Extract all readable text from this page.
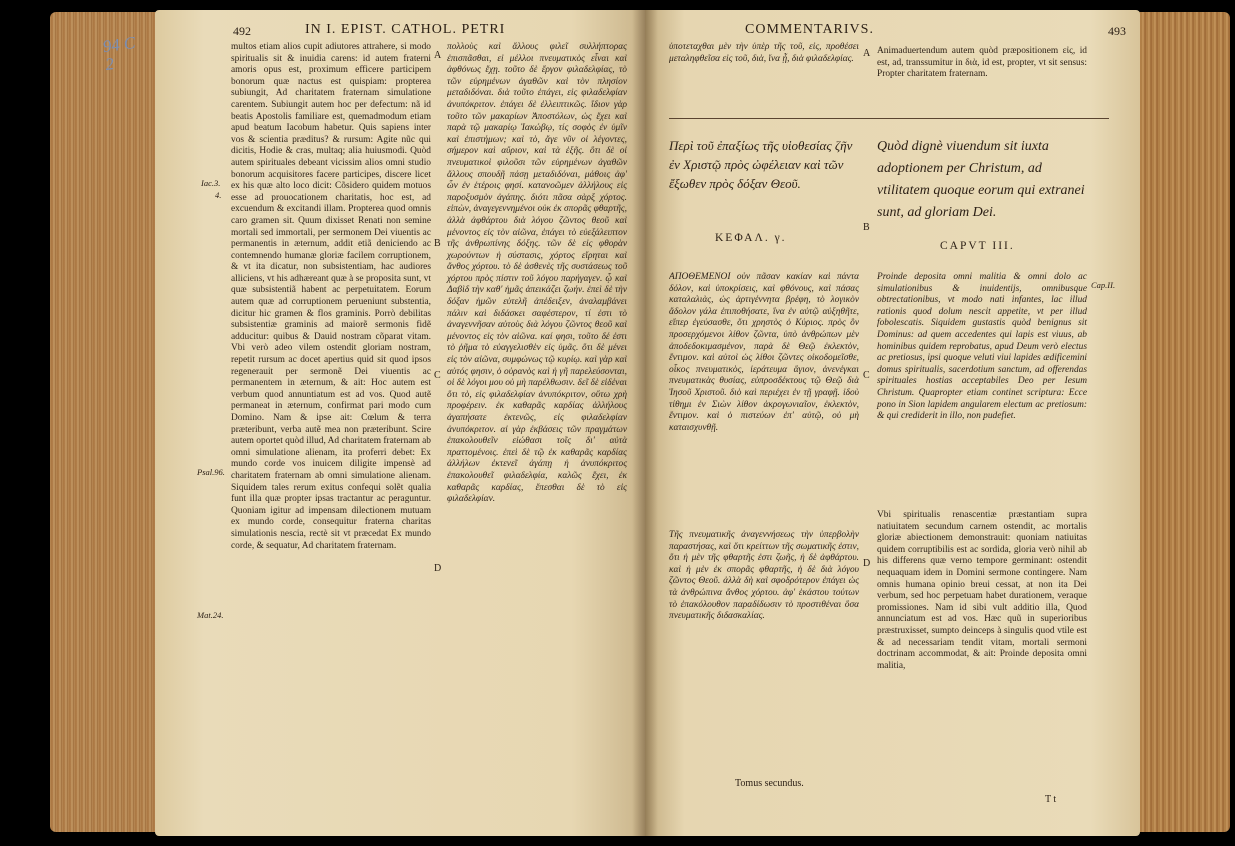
94 C
2
492	IN I. EPIST. CATHOL. PETRI

multos etiam alios cupit adiutores attrahere, si modo spiritualis sit & inuidia carens: id autem fraterni amoris opus est, proximum efficere participem bonorum quæ nactus est quispiam: propterea subiungit, Ad charitatem fraternam simulatione carentem. Subiungit autem hoc per defectum: nã id beatis Apostolis familiare est, quemadmodum etiam apud beatum Iacobum habetur. Quis sapiens inter vos & scientia præditus? & rursum: Agite nũc qui dicitis, Hodie & cras, multaq; alia huiusmodi. Quòd autem spirituales debeant vicissim alios omni studio bonorum acquisitores facere participes, discere licet ex his quæ alto loco dicit: Cõsidero quidem motuos esse ad prouocationem charitatis, hoc est, ad excuendum & excitandi illam. Propterea quod omnis caro gramen sit. Quum dixisset Renati non semine mortali sed immortali, per sermonem Dei viuentis ac permanentis in æternum, addit etiã deniciendo ac contemnendo humanæ gloriæ facilem corruptionem, & vt ita dicatur, non subsistentiam, hac audiores alliciens, vt his adhæreant quæ à se proposita sunt, vt quæ subsistentiã habent ac perpetuitatem. Eorum autem quæ ad corruptionem perueniunt substentia, dicitur hic gramen & flos graminis. Porrò debilitas subsistentiæ graminis ad maiorẽ sermonis fidẽ adducitur: quibus & Dauid nostram cõparat vitam. Vbi verò adeo vilem ostendit gloriam nostram, repetit rursum ac docet apertius quid sit quod ipsos regenerauit per sermonẽ Dei viuentis ac permanentem in æternum, & ait: Hoc autem est verbum quod annuntiatum est ad vos. Quod autẽ permaneat in æternum, confirmat pari modo cum Domino. Nam & ipse ait: Cœlum & terra præteribunt, verba autẽ mea non præteribunt. Scire autem oportet quòd illud, Ad charitatem fraternam ab omni simulatione alienam, ita proferri debet: Ex mundo corde vos inuicem diligite impensè ad charitatem fraternam ab omni simulatione alienam. Siquidem tales rerum exitus confequi solẽt qualia funt illa quæ propter ipsas tractantur ac peraguntur. Quoniam igitur ad impensam dilectionem mutuam ex mundo corde, consequitur fraterna charitas simulationis nescia, rectè sit vt præcedat Ex mundo corde, & sequatur, Ad charitatem fraternam.

Iac.3.
4.
Psal.96.
Mat.24.
A
B
C
D

πολλοὺς καὶ ἄλλους φιλεῖ συλλήπτορας ἐπισπᾶσθαι, εἰ μέλλοι πνευματικὸς εἶναι καὶ ἀφθόνως ἔχῃ. τοῦτο δὲ ἔργον φιλαδελφίας, τὸ τῶν εὑρημένων ἀγαθῶν καὶ τὸν πλησίον μεταδιδόναι. διὰ τοῦτο ἐπάγει, εἰς φιλαδελφίαν ἀνυπόκριτον. ἐπάγει δὲ ἐλλειπτικῶς. ἴδιον γὰρ τοῦτο τῶν μακαρίων Ἀποστόλων, ὡς ἔχει καὶ παρὰ τῷ μακαρίῳ Ἰακώβῳ, τίς σοφὸς ἐν ὑμῖν καὶ ἐπιστήμων; καὶ τὸ, ἄγε νῦν οἱ λέγοντες, σήμερον καὶ αὔριον, καὶ τὰ ἑξῆς. ὅτι δὲ οἱ πνευματικοὶ φιλοῦσι τῶν εὑρημένων ἀγαθῶν ἄλλους σπουδῇ πάσῃ μεταδιδόναι, μάθοις ἀφ' ὧν ἐν ἑτέροις φησί. κατανοῶμεν ἀλλήλους εἰς παροξυσμὸν ἀγάπης. διότι πᾶσα σὰρξ χόρτος. εἰπὼν, ἀναγεγεννημένοι οὐκ ἐκ σπορᾶς φθαρτῆς, ἀλλὰ ἀφθάρτου διὰ λόγου ζῶντος θεοῦ καὶ μένοντος εἰς τὸν αἰῶνα, ἐπάγει τὸ εὐεξάλειπτον τῆς ἀνθρωπίνης δόξης. τῶν δὲ εἰς φθορὰν χωρούντων ἡ σύστασις, χόρτος εἴρηται καὶ ἄνθος χόρτου. τὸ δὲ ἀσθενὲς τῆς συστάσεως τοῦ χόρτου πρὸς πίστιν τοῦ λόγου παρήγαγεν. ᾧ καὶ Δαβὶδ τὴν καθ' ἡμᾶς ἀπεικάζει ζωήν. ἐπεὶ δὲ τὴν δόξαν ἡμῶν εὐτελῆ ἀπέδειξεν, ἀναλαμβάνει πάλιν καὶ διδάσκει σαφέστερον, τί ἐστι τὸ ἀναγεννῆσαν αὐτοὺς διὰ λόγου ζῶντος θεοῦ καὶ μένοντος εἰς τὸν αἰῶνα. καί φησι, τοῦτο δέ ἐστι τὸ ῥῆμα τὸ εὐαγγελισθὲν εἰς ὑμᾶς. ὅτι δὲ μένει εἰς τὸν αἰῶνα, συμφώνως τῷ κυρίῳ. καὶ γὰρ καὶ αὐτός φησιν, ὁ οὐρανὸς καὶ ἡ γῆ παρελεύσονται, οἱ δὲ λόγοι μου οὐ μὴ παρέλθωσιν. δεῖ δὲ εἰδέναι ὅτι τὸ, εἰς φιλαδελφίαν ἀνυπόκριτον, οὕτω χρὴ προφέρειν. ἐκ καθαρᾶς καρδίας ἀλλήλους ἀγαπήσατε ἐκτενῶς, εἰς φιλαδελφίαν ἀνυπόκριτον. αἱ γὰρ ἐκβάσεις τῶν πραγμάτων ἐπακολουθεῖν εἰώθασι τοῖς δι' αὐτὰ πραττομένοις. ἐπεὶ δὲ τῷ ἐκ καθαρᾶς καρδίας ἀλλήλων ἐκτενεῖ ἀγάπῃ ἡ ἀνυπόκριτος ἐπακολουθεῖ φιλαδελφία, καλῶς ἔχει, ἐκ καθαρᾶς καρδίας, ἕπεσθαι δὲ τὸ εἰς φιλαδελφίαν.

COMMENTARIVS.	493

ὑποτεταχθαι μὲν τὴν ὑπὲρ τῆς τοῦ, εἰς, προθέσει μεταληφθεῖσα εἰς τοῦ, διὰ, ἵνα ᾖ, διὰ φιλαδελφίας. A Animaduertendum autem quòd præpositionem εἰς, id est, ad, transsumitur in διὰ, id est, propter, vt sit sensus: Propter charitatem fraternam.

Περὶ τοῦ ἐπαξίως τῆς υἱοθεσίας ζῆν ἐν Χριστῷ πρὸς ὠφέλειαν καὶ τῶν ἔξωθεν πρὸς δόξαν Θεοῦ.
Quòd dignè viuendum sit iuxta adoptionem per Christum, ad vtilitatem quoque eorum qui extranei sunt, ad gloriam Dei.
B
ΚΕΦΑΛ. γ.
CAPVT III.

ΑΠΟΘΕΜΕΝΟΙ οὖν πᾶσαν κακίαν καὶ πάντα δόλον, καὶ ὑποκρίσεις, καὶ φθόνους, καὶ πάσας καταλαλιὰς, ὡς ἀρτιγέννητα βρέφη, τὸ λογικὸν ἄδολον γάλα ἐπιποθήσατε, ἵνα ἐν αὐτῷ αὐξηθῆτε, εἴπερ ἐγεύσασθε, ὅτι χρηστὸς ὁ Κύριος. πρὸς ὃν προσερχόμενοι λίθον ζῶντα, ὑπὸ ἀνθρώπων μὲν ἀποδεδοκιμασμένον, παρὰ δὲ Θεῷ ἐκλεκτὸν, ἔντιμον. καὶ αὐτοὶ ὡς λίθοι ζῶντες οἰκοδομεῖσθε, οἶκος πνευματικὸς, ἱεράτευμα ἅγιον, ἀνενέγκαι πνευματικὰς θυσίας, εὐπροσδέκτους τῷ Θεῷ διὰ Ἰησοῦ Χριστοῦ. διὸ καὶ περιέχει ἐν τῇ γραφῇ. ἰδοὺ τίθημι ἐν Σιὼν λίθον ἀκρογωνιαῖον, ἐκλεκτὸν, ἔντιμον. καὶ ὁ πιστεύων ἐπ' αὐτῷ, οὐ μὴ καταισχυνθῇ.

C

Proinde deposita omni malitia & omni dolo ac simulationibus & inuidentijs, omnibusque obtrectationibus, vt modo nati infantes, lac illud rationis quod dolum nescit appetite, vt per illud fobolescatis. Siquidem gustastis quòd benignus sit Dominus: ad quem accedentes qui lapis est viuus, ab hominibus quidem reprobatus, apud Deum verò electus ac pretiosus, ipsi quoque veluti viui lapides ædificemini domus spiritualis, sacerdotium sanctum, ad offerendas spirituales hostias acceptabiles Deo per Iesum Christum. Quapropter etiam continet scriptura: Ecce pono in Sion lapidem angularem electum ac pretiosum: & qui crediderit in illo, non pudefiet.

Cap.II.

Τῆς πνευματικῆς ἀναγεννήσεως τὴν ὑπερβολὴν παραστήσας, καὶ ὅτι κρείττων τῆς σωματικῆς ἐστιν, ὅτι ἡ μὲν τῆς φθαρτῆς ἐστι ζωῆς, ἡ δὲ ἀφθάρτου. καὶ ἡ μὲν ἐκ σπορᾶς φθαρτῆς, ἡ δὲ διὰ λόγου ζῶντος Θεοῦ. ἀλλὰ δὴ καὶ σφοδρότερον ἐπάγει ὡς τὰ ἀνθρώπινα ἄνθος χόρτου. ἀφ' ἑκάστου τούτων τὸ ἐπακόλουθον παραδίδωσιν τὸ προστιθέναι ὅσα πνευματικῆς διδασκαλίας.

D

Vbi spiritualis renascentiæ præstantiam supra natiuitatem secundum carnem ostendit, ac mortalis gloriæ abiectionem demonstrauit: quoniam natiuitas quidem corruptibilis est ac sordida, gloria verò nihil ab his differens quæ verno tempore germinant: ostendit nequaquam idem in Domini sermone contingere. Nam omnis humana opinio breui cessat, at non ita Dei verbum, sed hoc perpetuam habet durationem, veraque promissiones. Nam id sibi vult additio illa, Quod annunciatum est ad vos. Hæc quũ in superioribus præstruxisset, sumpto deinceps à singulis quod vtile est & ad necessariam tendit vitam, mortali sermoni doctrinam accommodat, & ait: Proinde deposita omni malitia,

Tomus secundus.
T t
